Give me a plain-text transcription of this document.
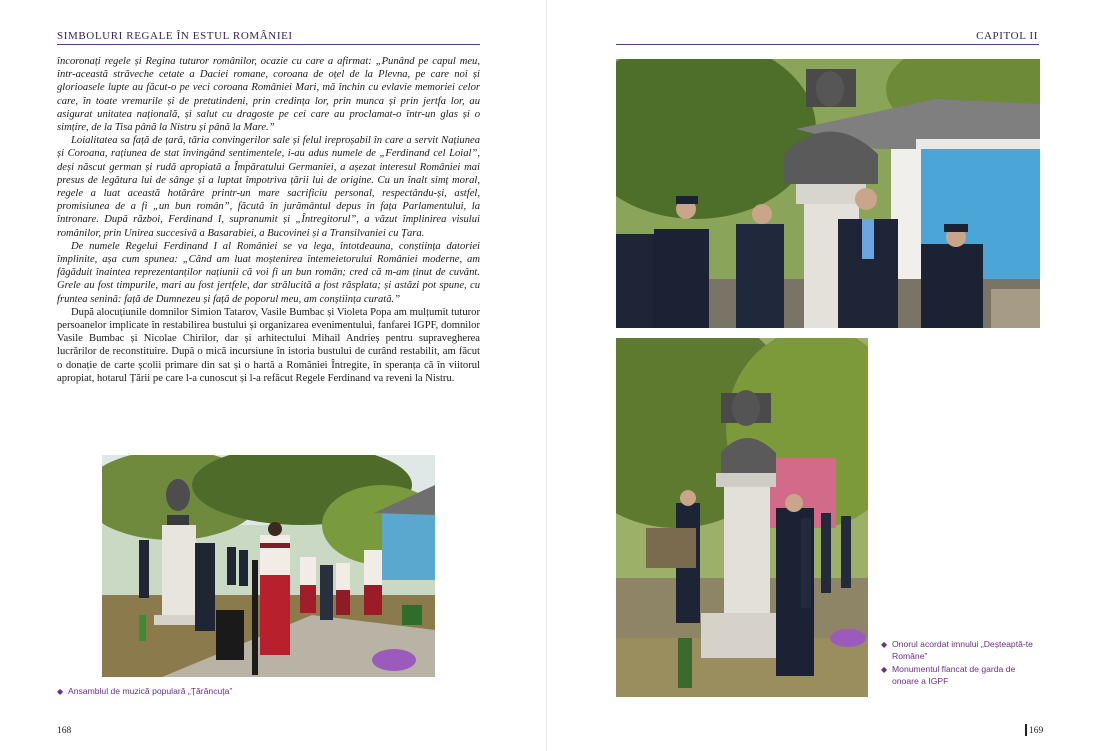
SIMBOLURI REGALE ÎN ESTUL ROMÂNIEI

încoronați regele și Regina tuturor românilor, ocazie cu care a afirmat: „Punând pe capul meu, într-această străveche cetate a Daciei romane, coroana de oțel de la Plevna, pe care noi și glorioasele lupte au făcut-o pe veci coroana României Mari, mă închin cu evlavie memoriei celor care, în toate vremurile și de pretutindeni, prin credința lor, prin munca și prin jertfa lor, au asigurat unitatea națională, și salut cu dragoste pe cei care au proclamat-o într-un glas și o simțire, de la Tisa până la Nistru și până la Mare.”

Loialitatea sa față de țară, tăria convingerilor sale și felul ireproșabil în care a servit Națiunea și Coroana, rațiunea de stat învingând sentimentele, i-au adus numele de „Ferdinand cel Loial”, deși născut german și rudă apropiată a Împăratului Germaniei, a așezat interesul României mai presus de legătura lui de sânge și a luptat împotriva țării lui de origine. Cu un înalt simț moral, regele a luat această hotărâre printr-un mare sacrificiu personal, respectându-și, astfel, promisiunea de a fi „un bun român”, făcută în jurământul depus în fața Parlamentului, la întronare. După război, Ferdinand I, supranumit și „Întregitorul”, a văzut împlinirea visului românilor, prin Unirea succesivă a Basarabiei, a Bucovinei și a Transilvaniei cu Țara.

De numele Regelui Ferdinand I al României se va lega, întotdeauna, conștiința datoriei împlinite, așa cum spunea: „Când am luat moștenirea întemeietorului României moderne, am făgăduit înaintea reprezentanților națiunii că voi fi un bun român; cred că m-am ținut de cuvânt. Grele au fost timpurile, mari au fost jertfele, dar strălucită a fost răsplata; și astăzi pot spune, cu fruntea senină: față de Dumnezeu și față de poporul meu, am conștiința curată.”

După alocuțiunile domnilor Simion Tatarov, Vasile Bumbac și Violeta Popa am mulțumit tuturor persoanelor implicate în restabilirea bustului și organizarea evenimentului, fanfarei IGPF, domnilor Vasile Bumbac și Nicolae Chirilor, dar și arhitectului Mihail Andrieș pentru supravegherea lucrărilor de reconstituire. După o mică incursiune în istoria bustului de curând restabilit, am făcut o donație de carte școlii primare din sat și o hartă a României Întregite, în speranța că în viitorul apropiat, hotarul Țării pe care l-a cunoscut și l-a refăcut Regele Ferdinand va reveni la Nistru.

◆ Ansamblul de muzică populară „Țărăncuța”
168
CAPITOL II
◆ Onorul acordat imnului „Deșteaptă-te Române”
◆ Monumentul flancat de garda de onoare a IGPF
169
